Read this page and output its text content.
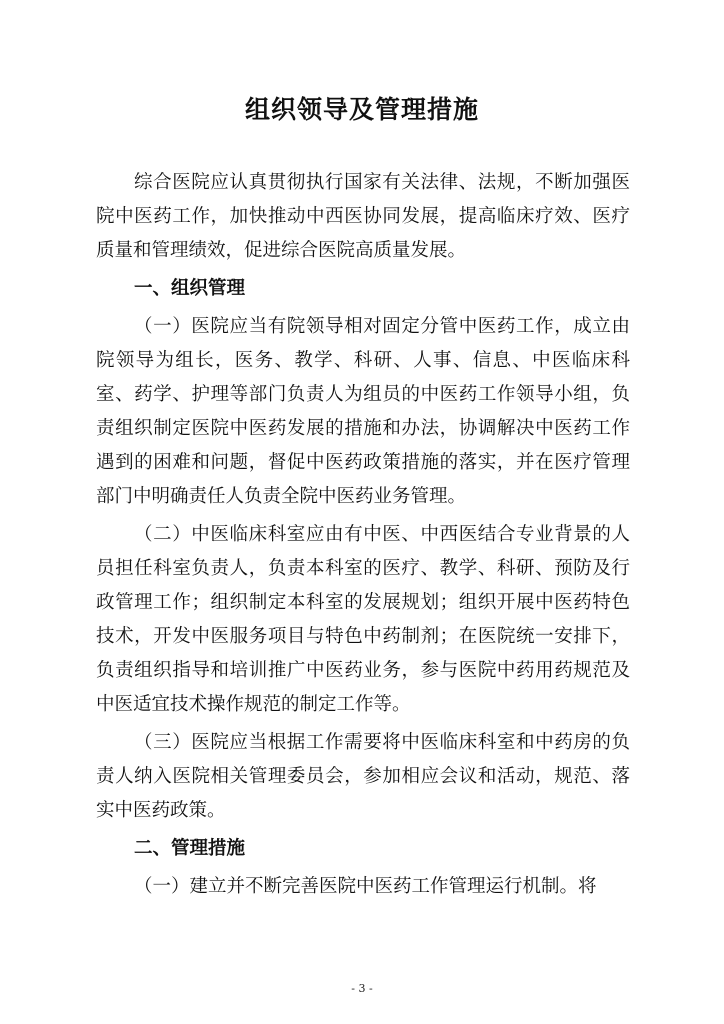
组织领导及管理措施

综合医院应认真贯彻执行国家有关法律、法规，不断加强医院中医药工作，加快推动中西医协同发展，提高临床疗效、医疗质量和管理绩效，促进综合医院高质量发展。

一、组织管理

（一）医院应当有院领导相对固定分管中医药工作，成立由院领导为组长，医务、教学、科研、人事、信息、中医临床科室、药学、护理等部门负责人为组员的中医药工作领导小组，负责组织制定医院中医药发展的措施和办法，协调解决中医药工作遇到的困难和问题，督促中医药政策措施的落实，并在医疗管理部门中明确责任人负责全院中医药业务管理。

（二）中医临床科室应由有中医、中西医结合专业背景的人员担任科室负责人，负责本科室的医疗、教学、科研、预防及行政管理工作；组织制定本科室的发展规划；组织开展中医药特色技术，开发中医服务项目与特色中药制剂；在医院统一安排下，负责组织指导和培训推广中医药业务，参与医院中药用药规范及中医适宜技术操作规范的制定工作等。

（三）医院应当根据工作需要将中医临床科室和中药房的负责人纳入医院相关管理委员会，参加相应会议和活动，规范、落实中医药政策。

二、管理措施

（一）建立并不断完善医院中医药工作管理运行机制。将

- 3 -
